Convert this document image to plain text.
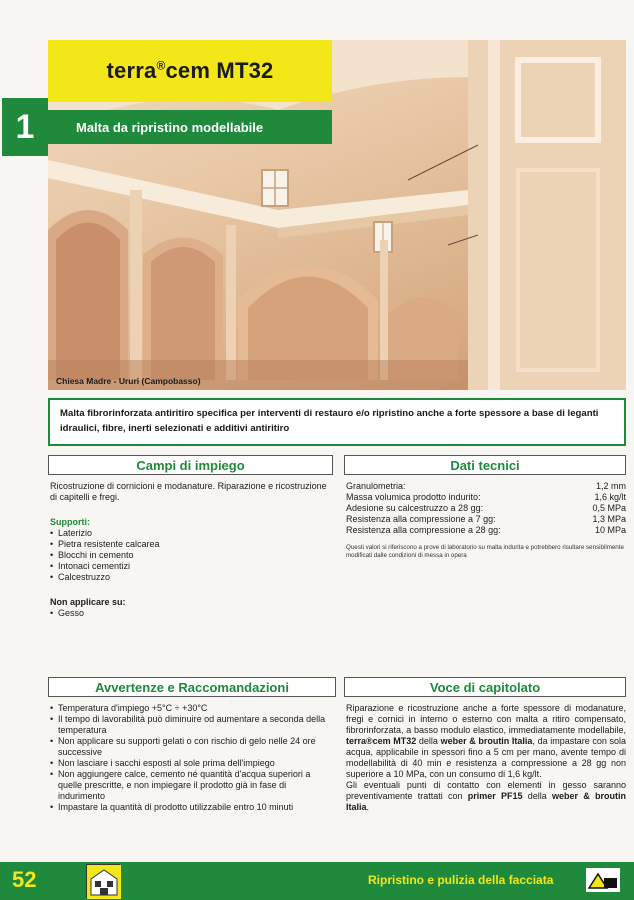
Chiesa Madre - Ururi (Campobasso)
terra®cem MT32
1	Malta da ripristino modellabile
Malta fibrorinforzata antiritiro specifica per interventi di restauro e/o ripristino anche a forte spessore a base di leganti idraulici, fibre, inerti selezionati e additivi antiritiro
Campi di impiego

Ricostruzione di cornicioni e modanature. Riparazione e ricostruzione di capitelli e fregi.

Supporti:

• Laterizio
• Pietra resistente calcarea
• Blocchi in cemento
• Intonaci cementizi
• Calcestruzzo

Non applicare su:

• Gesso
Dati tecnici
Granulometria:	1,2 mm
Massa volumica prodotto indurito:	1,6 kg/lt
Adesione su calcestruzzo a 28 gg:	0,5 MPa
Resistenza alla compressione a 7 gg:	1,3 MPa
Resistenza alla compressione a 28 gg:	10 MPa

Questi valori si riferiscono a prove di laboratorio su malta indurita e potrebbero risultare sensibilmente modificati dalle condizioni di messa in opera

Avvertenze e Raccomandazioni
• Temperatura d'impiego +5°C ÷ +30°C
• Il tempo di lavorabilità può diminuire od aumentare a seconda della temperatura
• Non applicare su supporti gelati o con rischio di gelo nelle 24 ore successive
• Non lasciare i sacchi esposti al sole prima dell'impiego
• Non aggiungere calce, cemento né quantità d'acqua superiori a quelle prescritte, e non impiegare il prodotto già in fase di indurimento
• Impastare la quantità di prodotto utilizzabile entro 10 minuti
Voce di capitolato

Riparazione e ricostruzione anche a forte spessore di modanature, fregi e cornici in interno o esterno con malta a ritiro compensato, fibrorinforzata, a basso modulo elastico, immediatamente modellabile, terra®cem MT32 della weber & broutin Italia, da impastare con sola acqua, applicabile in spessori fino a 5 cm per mano, avente tempo di modellabilità di 40 min e resistenza a compressione a 28 gg non superiore a 10 MPa, con un consumo di 1,6 kg/lt.

Gli eventuali punti di contatto con elementi in gesso saranno preventivamente trattati con primer PF15 della weber & broutin Italia.

52	Ripristino e pulizia della facciata
